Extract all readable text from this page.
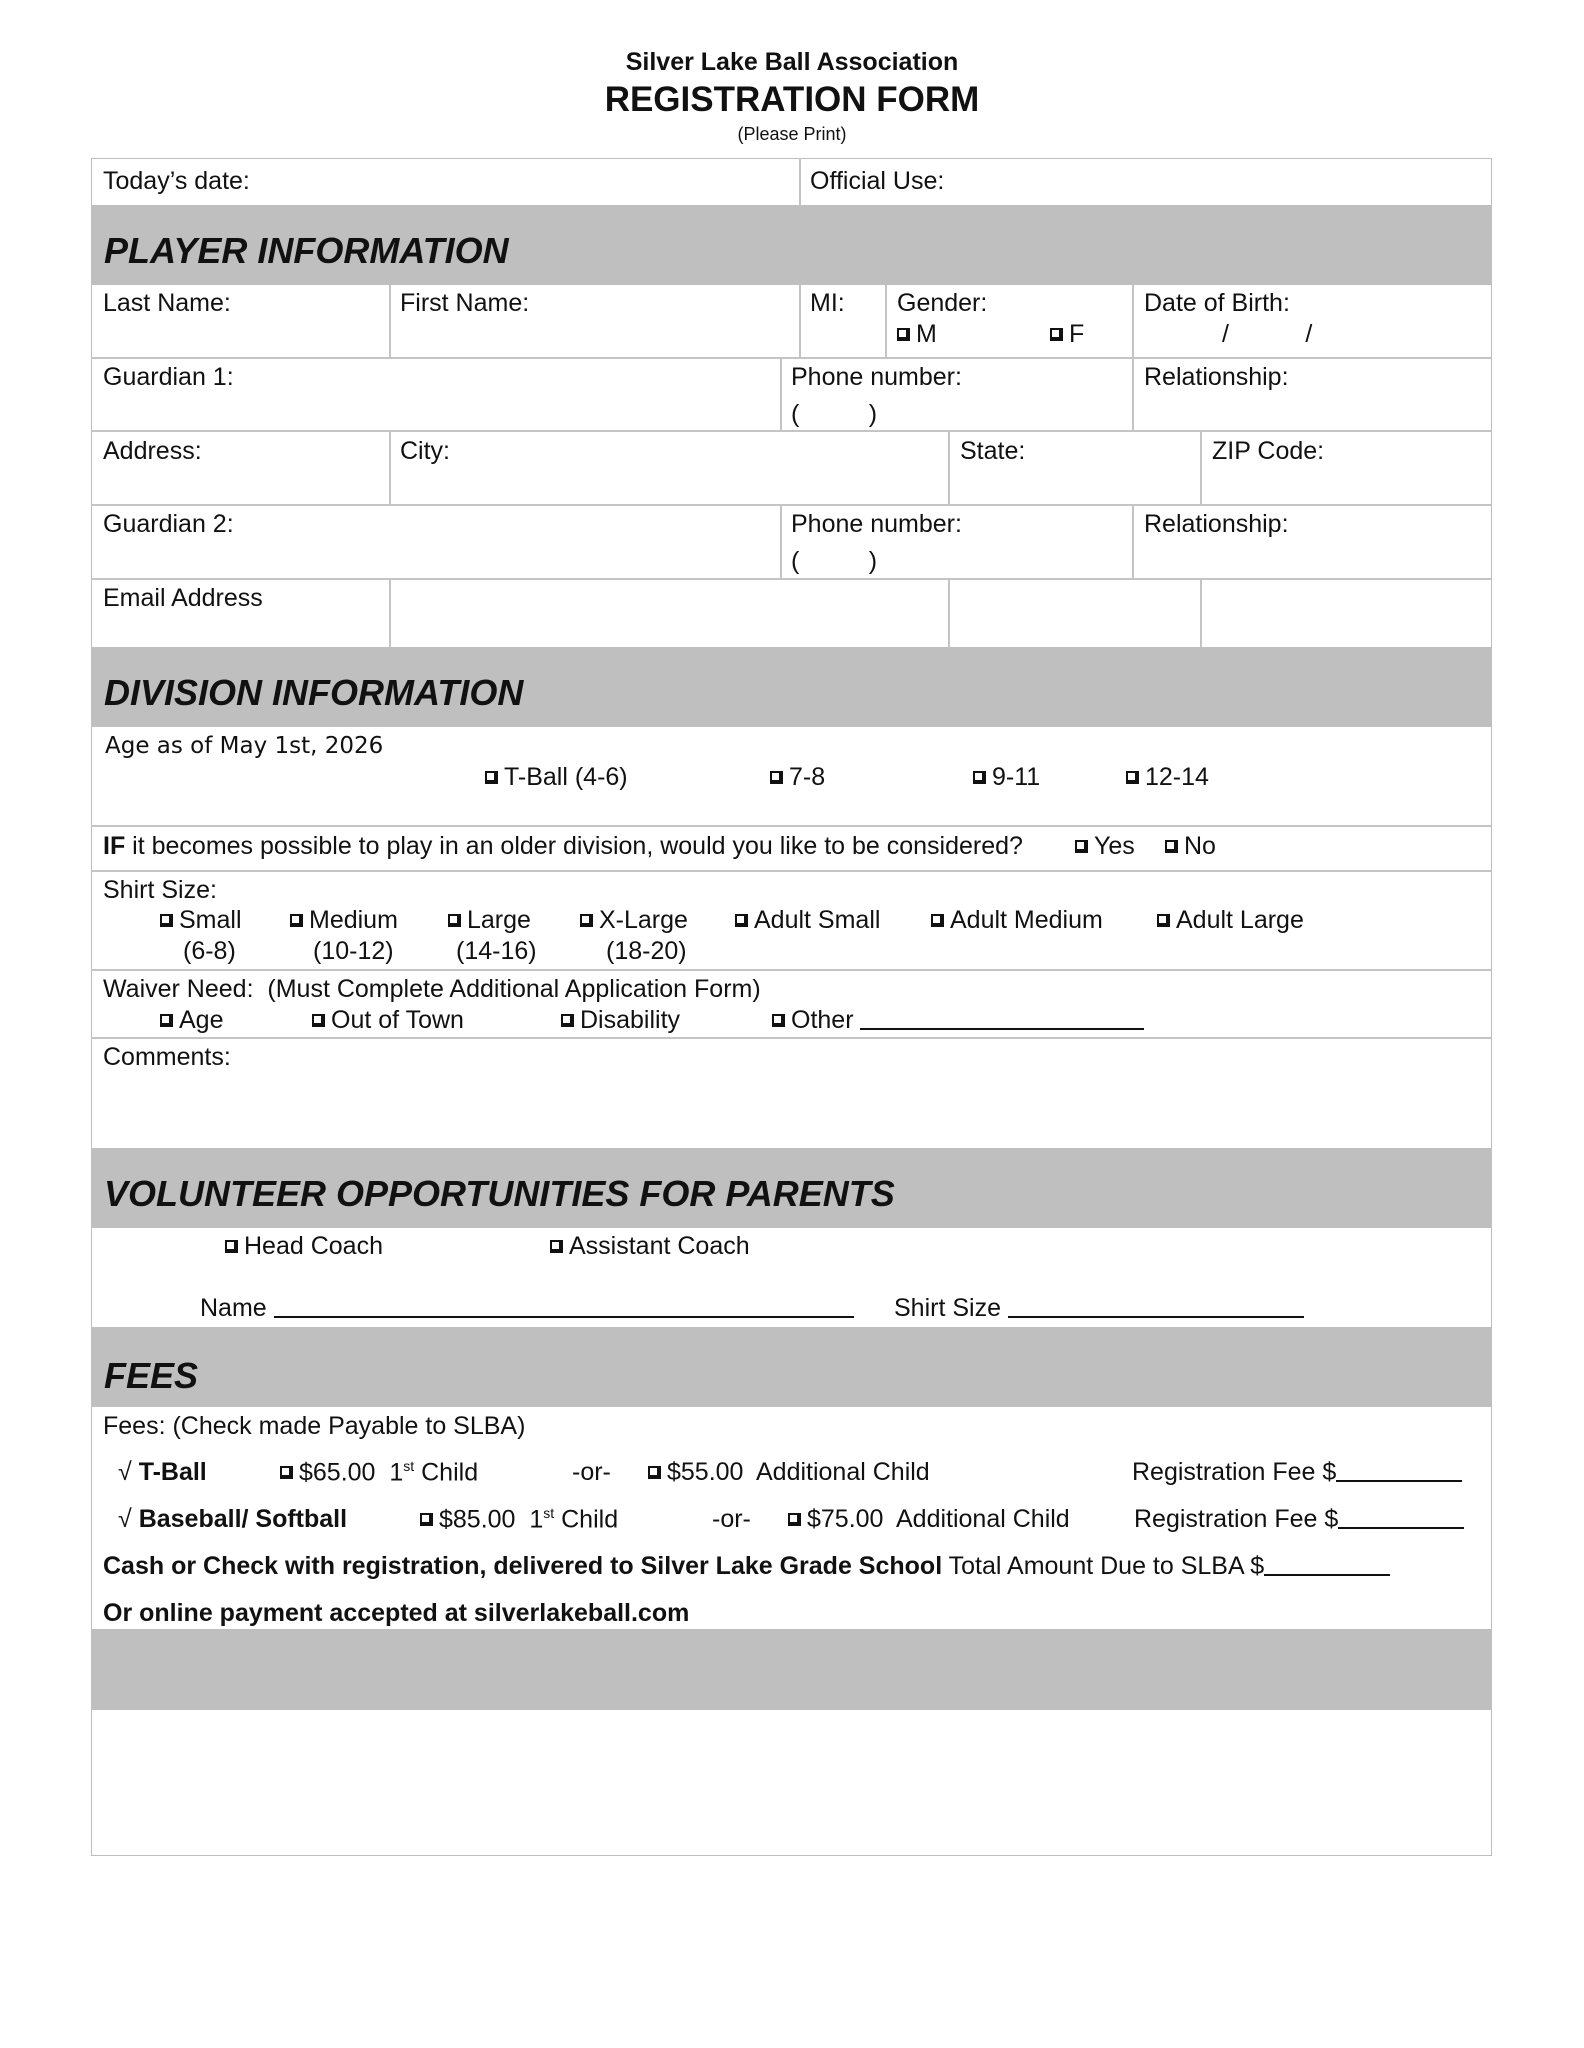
Silver Lake Ball Association
REGISTRATION FORM
(Please Print)
Today’s date:	Official Use:
PLAYER INFORMATION
Last Name:	First Name:	MI: Gender:
M	F
Date of Birth:
/           /
Guardian 1:	Phone number:
(          )
Relationship:
Address:	City:	State:	ZIP Code:
Guardian 2:	Phone number:
(          )
Relationship:
Email Address
DIVISION INFORMATION
Age as of May 1st, 2026
T-Ball (4-6)	7-8	9-11	12-14
IF it becomes possible to play in an older division, would you like to be considered?	Yes	No
Shirt Size:
Small
(6-8)
Medium
(10-12)
Large
(14-16)
X-Large
(18-20)
Adult Small	Adult Medium	Adult Large
Waiver Need:  (Must Complete Additional Application Form)
Age	Out of Town	Disability	Other
Comments:
VOLUNTEER OPPORTUNITIES FOR PARENTS
Head Coach	Assistant Coach
Name	Shirt Size
FEES
Fees: (Check made Payable to SLBA)
√ T-Ball	$65.00 1st Child	-or-	$55.00 Additional Child	Registration Fee $
√ Baseball/ Softball	$85.00 1st Child	-or-	$75.00 Additional Child	Registration Fee $
Cash or Check with registration, delivered to Silver Lake Grade School Total Amount Due to SLBA $
Or online payment accepted at silverlakeball.com
